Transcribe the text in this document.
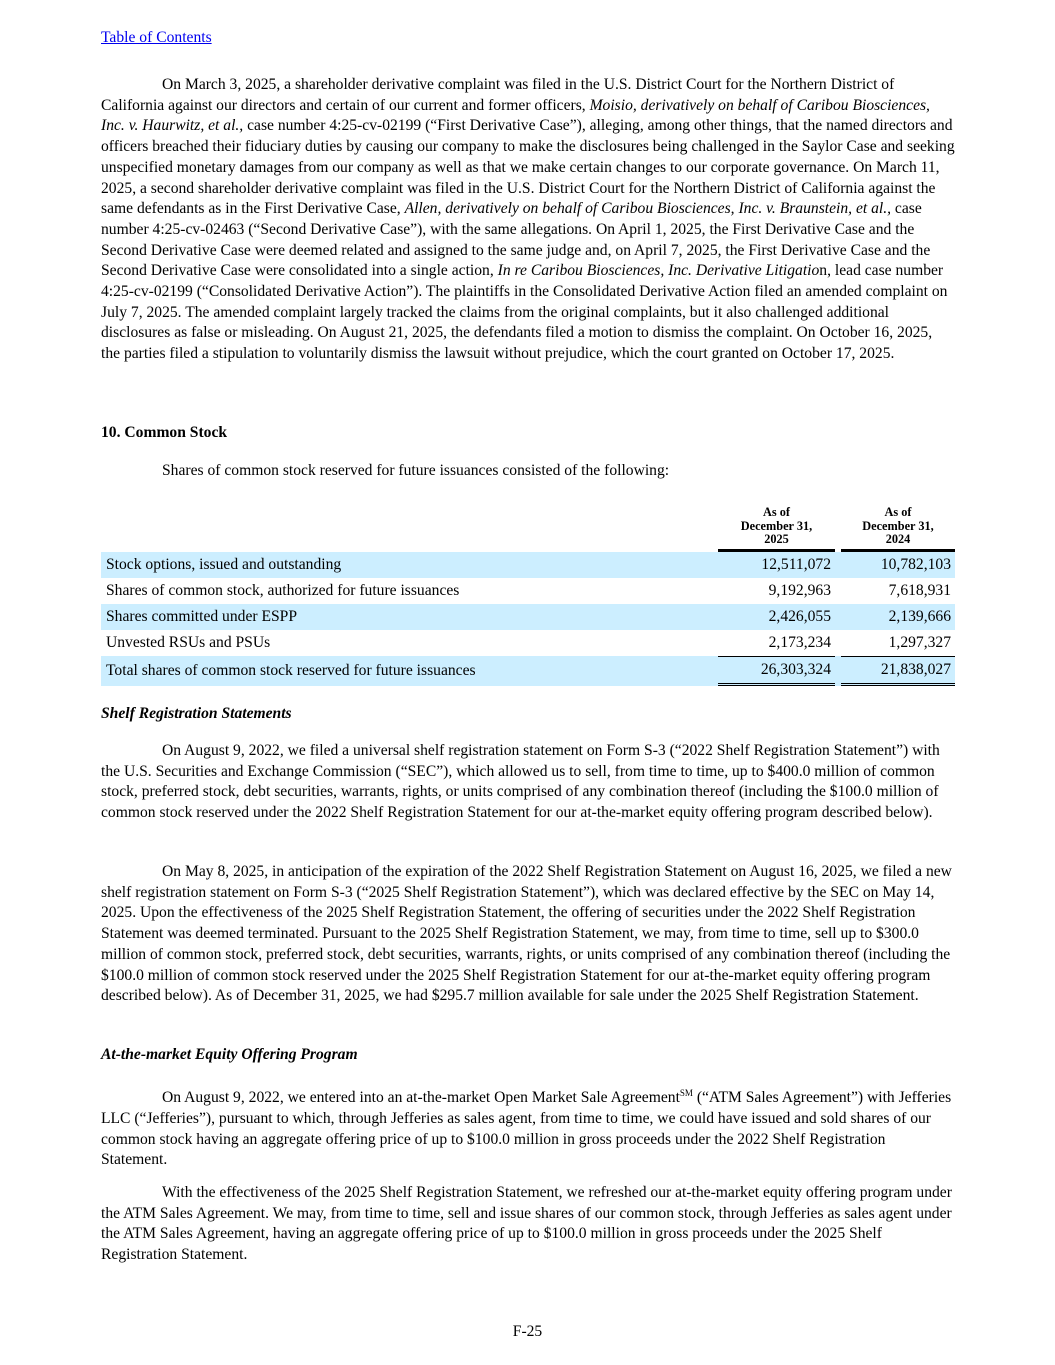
Table of Contents

On March 3, 2025, a shareholder derivative complaint was filed in the U.S. District Court for the Northern District of California against our directors and certain of our current and former officers, Moisio, derivatively on behalf of Caribou Biosciences, Inc. v. Haurwitz, et al., case number 4:25-cv-02199 (“First Derivative Case”), alleging, among other things, that the named directors and officers breached their fiduciary duties by causing our company to make the disclosures being challenged in the Saylor Case and seeking unspecified monetary damages from our company as well as that we make certain changes to our corporate governance. On March 11, 2025, a second shareholder derivative complaint was filed in the U.S. District Court for the Northern District of California against the same defendants as in the First Derivative Case, Allen, derivatively on behalf of Caribou Biosciences, Inc. v. Braunstein, et al., case number 4:25-cv-02463 (“Second Derivative Case”), with the same allegations. On April 1, 2025, the First Derivative Case and the Second Derivative Case were deemed related and assigned to the same judge and, on April 7, 2025, the First Derivative Case and the Second Derivative Case were consolidated into a single action, In re Caribou Biosciences, Inc. Derivative Litigation, lead case number 4:25-cv-02199 (“Consolidated Derivative Action”). The plaintiffs in the Consolidated Derivative Action filed an amended complaint on July 7, 2025. The amended complaint largely tracked the claims from the original complaints, but it also challenged additional disclosures as false or misleading. On August 21, 2025, the defendants filed a motion to dismiss the complaint. On October 16, 2025, the parties filed a stipulation to voluntarily dismiss the lawsuit without prejudice, which the court granted on October 17, 2025.

10. Common Stock

Shares of common stock reserved for future issuances consisted of the following:

As of
December 31,
2025

As of
December 31,
2024

Stock options, issued and outstanding	12,511,072		10,782,103
Shares of common stock, authorized for future issuances	9,192,963		7,618,931
Shares committed under ESPP	2,426,055		2,139,666
Unvested RSUs and PSUs	2,173,234		1,297,327
Total shares of common stock reserved for future issuances	26,303,324		21,838,027
Shelf Registration Statements

On August 9, 2022, we filed a universal shelf registration statement on Form S-3 (“2022 Shelf Registration Statement”) with the U.S. Securities and Exchange Commission (“SEC”), which allowed us to sell, from time to time, up to $400.0 million of common stock, preferred stock, debt securities, warrants, rights, or units comprised of any combination thereof (including the $100.0 million of common stock reserved under the 2022 Shelf Registration Statement for our at-the-market equity offering program described below).

On May 8, 2025, in anticipation of the expiration of the 2022 Shelf Registration Statement on August 16, 2025, we filed a new shelf registration statement on Form S-3 (“2025 Shelf Registration Statement”), which was declared effective by the SEC on May 14, 2025. Upon the effectiveness of the 2025 Shelf Registration Statement, the offering of securities under the 2022 Shelf Registration Statement was deemed terminated. Pursuant to the 2025 Shelf Registration Statement, we may, from time to time, sell up to $300.0 million of common stock, preferred stock, debt securities, warrants, rights, or units comprised of any combination thereof (including the $100.0 million of common stock reserved under the 2025 Shelf Registration Statement for our at-the-market equity offering program described below). As of December 31, 2025, we had $295.7 million available for sale under the 2025 Shelf Registration Statement.

At-the-market Equity Offering Program

On August 9, 2022, we entered into an at-the-market Open Market Sale Agreement℠ (“ATM Sales Agreement”) with Jefferies LLC (“Jefferies”), pursuant to which, through Jefferies as sales agent, from time to time, we could have issued and sold shares of our common stock having an aggregate offering price of up to $100.0 million in gross proceeds under the 2022 Shelf Registration Statement.

With the effectiveness of the 2025 Shelf Registration Statement, we refreshed our at-the-market equity offering program under the ATM Sales Agreement. We may, from time to time, sell and issue shares of our common stock, through Jefferies as sales agent under the ATM Sales Agreement, having an aggregate offering price of up to $100.0 million in gross proceeds under the 2025 Shelf Registration Statement.

F-25
